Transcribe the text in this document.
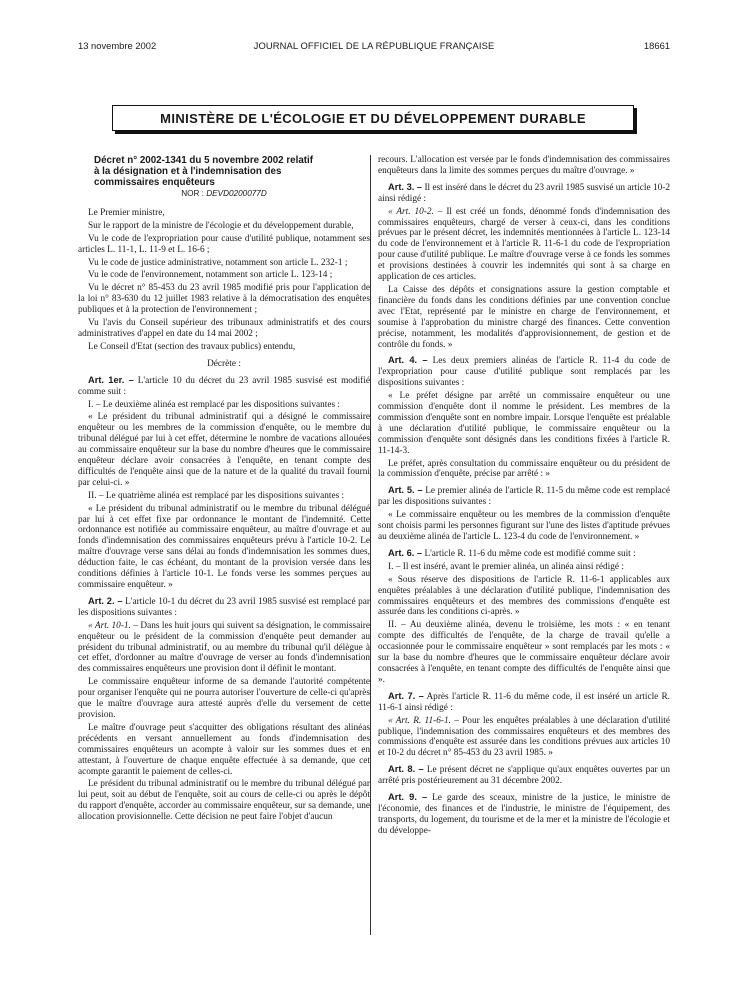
13 novembre 2002	JOURNAL OFFICIEL DE LA RÉPUBLIQUE FRANÇAISE	18661
MINISTÈRE DE L'ÉCOLOGIE ET DU DÉVELOPPEMENT DURABLE
Décret n° 2002-1341 du 5 novembre 2002 relatif
à la désignation et à l'indemnisation des
commissaires enquêteurs
NOR : DEVD0200077D

Le Premier ministre,

Sur le rapport de la ministre de l'écologie et du développement durable,

Vu le code de l'expropriation pour cause d'utilité publique, notamment ses articles L. 11-1, L. 11-9 et L. 16-6 ;

Vu le code de justice administrative, notamment son article L. 232-1 ;

Vu le code de l'environnement, notamment son article L. 123-14 ;

Vu le décret n° 85-453 du 23 avril 1985 modifié pris pour l'application de la loi n° 83-630 du 12 juillet 1983 relative à la démocratisation des enquêtes publiques et à la protection de l'environnement ;

Vu l'avis du Conseil supérieur des tribunaux administratifs et des cours administratives d'appel en date du 14 mai 2002 ;

Le Conseil d'Etat (section des travaux publics) entendu,

Décrète :

Art. 1er. – L'article 10 du décret du 23 avril 1985 susvisé est modifié comme suit :

I. – Le deuxième alinéa est remplacé par les dispositions suivantes :

« Le président du tribunal administratif qui a désigné le commissaire enquêteur ou les membres de la commission d'enquête, ou le membre du tribunal délégué par lui à cet effet, détermine le nombre de vacations allouées au commissaire enquêteur sur la base du nombre d'heures que le commissaire enquêteur déclare avoir consacrées à l'enquête, en tenant compte des difficultés de l'enquête ainsi que de la nature et de la qualité du travail fourni par celui-ci. »

II. – Le quatrième alinéa est remplacé par les dispositions suivantes :

« Le président du tribunal administratif ou le membre du tribunal délégué par lui à cet effet fixe par ordonnance le montant de l'indemnité. Cette ordonnance est notifiée au commissaire enquêteur, au maître d'ouvrage et au fonds d'indemnisation des commissaires enquêteurs prévu à l'article 10-2. Le maître d'ouvrage verse sans délai au fonds d'indemnisation les sommes dues, déduction faite, le cas échéant, du montant de la provision versée dans les conditions définies à l'article 10-1. Le fonds verse les sommes perçues au commissaire enquêteur. »

Art. 2. – L'article 10-1 du décret du 23 avril 1985 susvisé est remplacé par les dispositions suivantes :

« Art. 10-1. – Dans les huit jours qui suivent sa désignation, le commissaire enquêteur ou le président de la commission d'enquête peut demander au président du tribunal administratif, ou au membre du tribunal qu'il délègue à cet effet, d'ordonner au maître d'ouvrage de verser au fonds d'indemnisation des commissaires enquêteurs une provision dont il définit le montant.

Le commissaire enquêteur informe de sa demande l'autorité compétente pour organiser l'enquête qui ne pourra autoriser l'ouverture de celle-ci qu'après que le maître d'ouvrage aura attesté auprès d'elle du versement de cette provision.

Le maître d'ouvrage peut s'acquitter des obligations résultant des alinéas précédents en versant annuellement au fonds d'indemnisation des commissaires enquêteurs un acompte à valoir sur les sommes dues et en attestant, à l'ouverture de chaque enquête effectuée à sa demande, que cet acompte garantit le paiement de celles-ci.

Le président du tribunal administratif ou le membre du tribunal délégué par lui peut, soit au début de l'enquête, soit au cours de celle-ci ou après le dépôt du rapport d'enquête, accorder au commissaire enquêteur, sur sa demande, une allocation provisionnelle. Cette décision ne peut faire l'objet d'aucun

recours. L'allocation est versée par le fonds d'indemnisation des commissaires enquêteurs dans la limite des sommes perçues du maître d'ouvrage. »

Art. 3. – Il est inséré dans le décret du 23 avril 1985 susvisé un article 10-2 ainsi rédigé :

« Art. 10-2. – Il est créé un fonds, dénommé fonds d'indemnisation des commissaires enquêteurs, chargé de verser à ceux-ci, dans les conditions prévues par le présent décret, les indemnités mentionnées à l'article L. 123-14 du code de l'environnement et à l'article R. 11-6-1 du code de l'expropriation pour cause d'utilité publique. Le maître d'ouvrage verse à ce fonds les sommes et provisions destinées à couvrir les indemnités qui sont à sa charge en application de ces articles.

La Caisse des dépôts et consignations assure la gestion comptable et financière du fonds dans les conditions définies par une convention conclue avec l'Etat, représenté par le ministre en charge de l'environnement, et soumise à l'approbation du ministre chargé des finances. Cette convention précise, notamment, les modalités d'approvisionnement, de gestion et de contrôle du fonds. »

Art. 4. – Les deux premiers alinéas de l'article R. 11-4 du code de l'expropriation pour cause d'utilité publique sont remplacés par les dispositions suivantes :

« Le préfet désigne par arrêté un commissaire enquêteur ou une commission d'enquête dont il nomme le président. Les membres de la commission d'enquête sont en nombre impair. Lorsque l'enquête est préalable à une déclaration d'utilité publique, le commissaire enquêteur ou la commission d'enquête sont désignés dans les conditions fixées à l'article R. 11-14-3.

Le préfet, après consultation du commissaire enquêteur ou du président de la commission d'enquête, précise par arrêté : »

Art. 5. – Le premier alinéa de l'article R. 11-5 du même code est remplacé par les dispositions suivantes :

« Le commissaire enquêteur ou les membres de la commission d'enquête sont choisis parmi les personnes figurant sur l'une des listes d'aptitude prévues au deuxième alinéa de l'article L. 123-4 du code de l'environnement. »

Art. 6. – L'article R. 11-6 du même code est modifié comme suit :

I. – Il est inséré, avant le premier alinéa, un alinéa ainsi rédigé :

« Sous réserve des dispositions de l'article R. 11-6-1 applicables aux enquêtes préalables à une déclaration d'utilité publique, l'indemnisation des commissaires enquêteurs et des membres des commissions d'enquête est assurée dans les conditions ci-après. »

II. – Au deuxième alinéa, devenu le troisième, les mots : « en tenant compte des difficultés de l'enquête, de la charge de travail qu'elle a occasionnée pour le commissaire enquêteur » sont remplacés par les mots : « sur la base du nombre d'heures que le commissaire enquêteur déclare avoir consacrées à l'enquête, en tenant compte des difficultés de l'enquête ainsi que ».

Art. 7. – Après l'article R. 11-6 du même code, il est inséré un article R. 11-6-1 ainsi rédigé :

« Art. R. 11-6-1. – Pour les enquêtes préalables à une déclaration d'utilité publique, l'indemnisation des commissaires enquêteurs et des membres des commissions d'enquête est assurée dans les conditions prévues aux articles 10 et 10-2 du décret n° 85-453 du 23 avril 1985. »

Art. 8. – Le présent décret ne s'applique qu'aux enquêtes ouvertes par un arrêté pris postérieurement au 31 décembre 2002.

Art. 9. – Le garde des sceaux, ministre de la justice, le ministre de l'économie, des finances et de l'industrie, le ministre de l'équipement, des transports, du logement, du tourisme et de la mer et la ministre de l'écologie et du développe-
